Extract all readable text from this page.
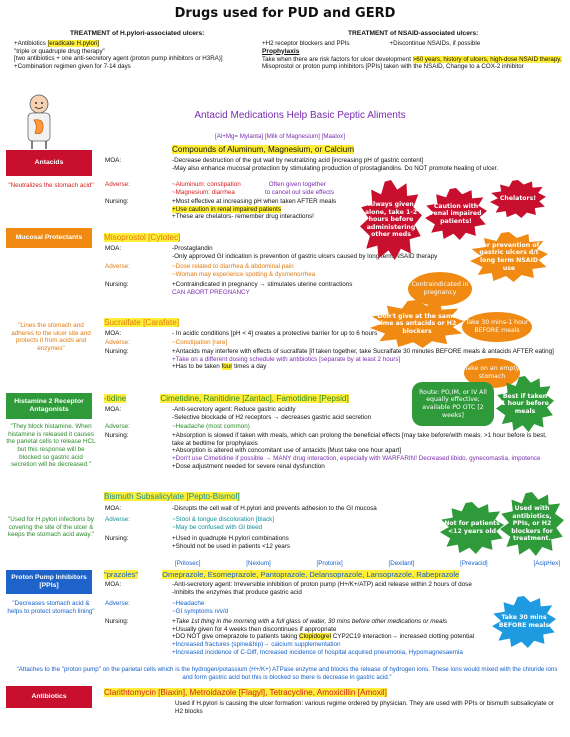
Drugs used for PUD and GERD
TREATMENT of H.pylori-associated ulcers:
+Antibiotics [eradicate H.pylori]
"triple or quadruple drug therapy"
[two antibiotics + one anti-secretory agent (proton pump inhibitors or H3RA)]
+Combination regimen given for 7-14 days
TREATMENT of NSAID-associated ulcers:
+H2 receptor blockers and PPIs	+Discontinue NSAIDs, if possible
Prophylaxis
Take when there are risk factors for ulcer development >60 years, history of ulcers, high-dose NSAID therapy. Misoprostol or proton pump inhibitors [PPIs] taken with the NSAID, Change to a COX-2 inhibitor
Antacid Medications Help Basic Peptic Aliments
[Al+Mg= Mylanta] [Milk of Magnesium] [Maalox]
Antacids
"Neutralizes the stomach acid"
Compounds of Aluminum, Magnesium, or Calcium
MOA:	-Decrease destruction of the gut wall by neutralizing acid [increasing pH of gastric content]
-May also enhance mucosal protection by stimulating production of prostaglandins. Do NOT promote healing of ulcer.
Adverse:	~Aluminum: constipation	Often given together
~Magnesium: diarrhea	to cancel out side effects
Nursing:	+Most effective at increasing pH when taken AFTER meals
+Use caution in renal impaired patients
+These are chelators- remember drug interactions!
Mucosal Protectants	Misoprostol [Cytotec]
MOA:	-Prostaglandin
-Only approved GI indication is prevention of gastric ulcers caused by long term NSAID therapy
Adverse:	~Dose related to diarrhea & abdominal pain
~Woman may experience spotting & dysmenorrhea
Nursing:	+Contraindicated in pregnancy → stimulates uterine contractions
CAN ABORT PREGNANCY
"Lines the stomach and adheres to the ulcer site and protects it from acids and enzymes"
Sucralfate [Carafate]
MOA:	- In acidic conditions [pH < 4] creates a protective barrier for up to 6 hours
Adverse:	~Constipation [rare]
Nursing:	+Antacids may interfere with effects of sucralfate [if taken together, take Sucralfate 30 minutes BEFORE meals & antacids AFTER eating]
+Take on a different dosing schedule with antibiotics [separate by at least 2 hours]
+Has to be taken four times a day
Histamine 2 Receptor Antagonists
"They block histamine. When histamine is released it causes the parietal cells to release HCL but this response will be blocked so gastric acid secretion will be decreased."
-tidine	Cimetidine, Ranitidine [Zantac], Famotidine [Pepsid]
MOA:	-Anti-secretory agent: Reduce gastric acidity
-Selective blockade of H2 receptors → decreases gastric acid secretion
Adverse:	~Headache (most common)
Nursing:	+Absorption is slowed if taken with meals, which can prolong the beneficial effects [may take before/with meals. >1 hour before is best, take at bedtime for prophylaxis
+Absorption is altered with concomitant use of antacids [Must take one hour apart]
+Don't use Cimetidine if possible → MANY drug interaction, especially with WARFARIN! Decreased libido, gynecomastia, impotence
+Dose adjustment needed for severe renal dysfunction
"Used for H.pylori infections by covering the site of the ulcer & keeps the stomach acid away."
Bismuth Subsalicylate [Pepto-Bismol]
MOA:	-Disrupts the cell wall of H.pylori and prevents adhesion to the GI mucosa
Adverse:	~Stool & tongue discoloration [black]
~May be confused with GI bleed
Nursing:	+Used in quadruple H.pylori combinations
+Should not be used in patients <12 years
[Prilosec]	[Nexium]	[Protonix]	[Dexilant]	[Prevacid]	[AcipHex]
Proton Pump Inhibitors [PPIs]
"Decreases stomach acid & helps to protect stomach lining"
"prazoles"	Omeprazole, Esomeprazole, Pantoprazole, Delansoprazole, Lansoprazole, Rabeprazole
MOA:	-Anti-secretory agent: Irreversible inhibition of proton pump (H+/K+/ATP) acid release within 2 hours of dose
-Inhibits the enzymes that produce gastric acid
Adverse:	~Headache
~GI symptoms n/v/d
Nursing:	+Take 1st thing in the morning with a full glass of water, 30 mins before other medications or meals
+Usually given for 4 weeks then discontinues if appropriate
+DO NOT give omeprazole to patients taking Clopidogrel CYP2C19 interaction→ increased clotting potential
+Increased fractures (spine&hip)→ calcium supplementation
+Increased incidence of C-Diff, Increased incidence of hospital acquired pneumonia, Hypomagnesaemia
"Attaches to the "proton pump" on the parietal cells which is the hydrogen/potassium (H+/K+) ATPase enzyme and blocks the release of hydrogen ions. These ions would mixed with the chloride ions and form gastric acid but this is blocked so there is decrease in gastric acid."
Antibiotics	Clarithtomycin [Biaxin], Metroidazole [Flagyl], Tetracycline, Amoxicillin [Amoxil]
Used if H.pylori is causing the ulcer formation: various regime ordered by physician. They are used with PPIs or bismuth subsalicylate or H2 blocks
Always given alone, take 1-2 hours before administering other meds
Caution with renal impaired patients!
Chelators!
For prevention of gastric ulcers d/t long term NSAID use
Contraindicated in pregnancy
Don't give at the same time as antacids or H2 blockers
Take 30 mins-1 hour BEFORE meals
Take on an empty stomach
Route: PO,IM, or IV All equally effective; available PO OTC [2 weeks]
Best if taken 1 hour before meals
Not for patients <12 years old
Used with antibiotics, PPIs, or H2 blockers for treatment.
Take 30 mins BEFORE meals
